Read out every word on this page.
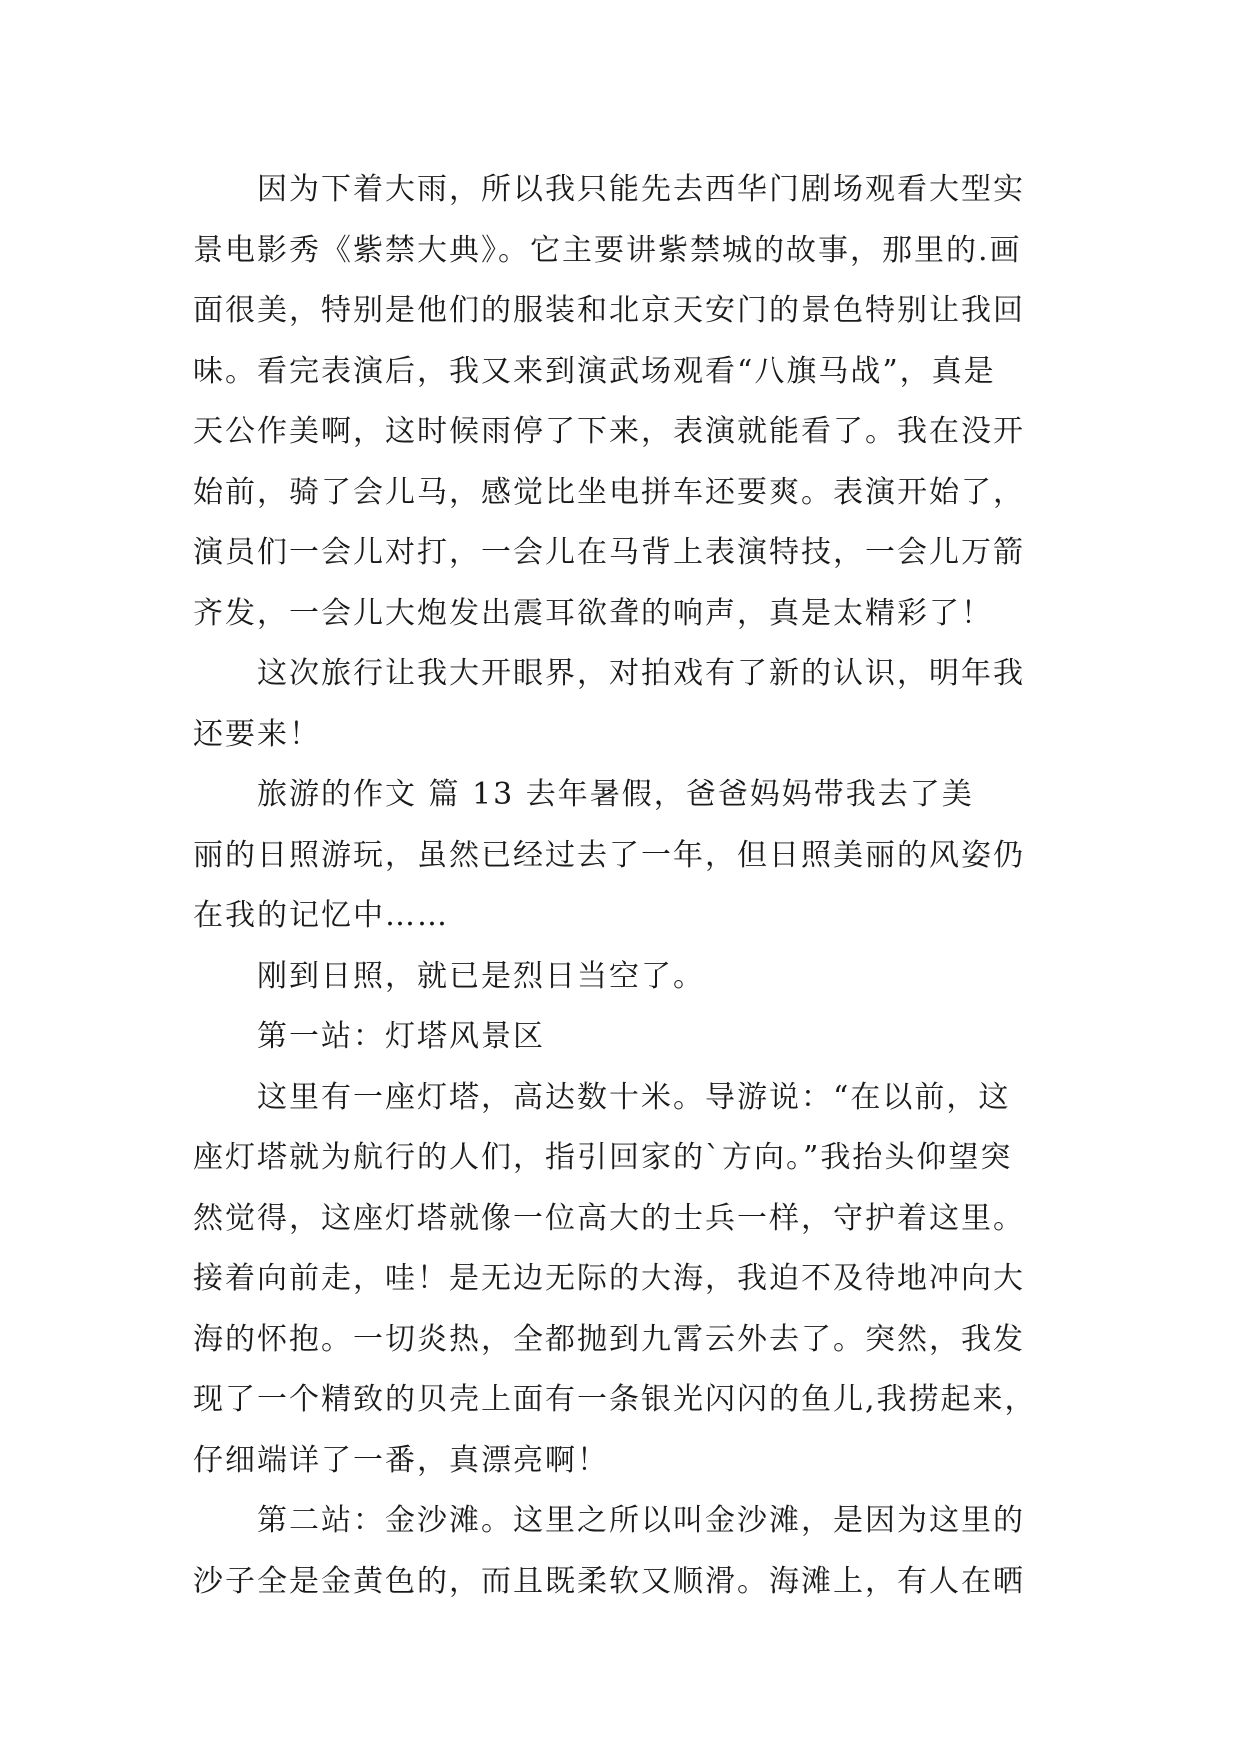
因为下着大雨，所以我只能先去西华门剧场观看大型实
景电影秀《紫禁大典》。它主要讲紫禁城的故事，那里的.画
面很美，特别是他们的服装和北京天安门的景色特别让我回
味。看完表演后，我又来到演武场观看“八旗马战”，真是
天公作美啊，这时候雨停了下来，表演就能看了。我在没开
始前，骑了会儿马，感觉比坐电拼车还要爽。表演开始了，
演员们一会儿对打，一会儿在马背上表演特技，一会儿万箭
齐发，一会儿大炮发出震耳欲聋的响声，真是太精彩了！
这次旅行让我大开眼界，对拍戏有了新的认识，明年我
还要来！
旅游的作文 篇 13 去年暑假，爸爸妈妈带我去了美
丽的日照游玩，虽然已经过去了一年，但日照美丽的风姿仍
在我的记忆中……
刚到日照，就已是烈日当空了。
第一站：灯塔风景区
这里有一座灯塔，高达数十米。导游说：“在以前，这
座灯塔就为航行的人们，指引回家的`方向。”我抬头仰望突
然觉得，这座灯塔就像一位高大的士兵一样，守护着这里。
接着向前走，哇！是无边无际的大海，我迫不及待地冲向大
海的怀抱。一切炎热，全都抛到九霄云外去了。突然，我发
现了一个精致的贝壳上面有一条银光闪闪的鱼儿,我捞起来，
仔细端详了一番，真漂亮啊！
第二站：金沙滩。这里之所以叫金沙滩，是因为这里的
沙子全是金黄色的，而且既柔软又顺滑。海滩上，有人在晒
